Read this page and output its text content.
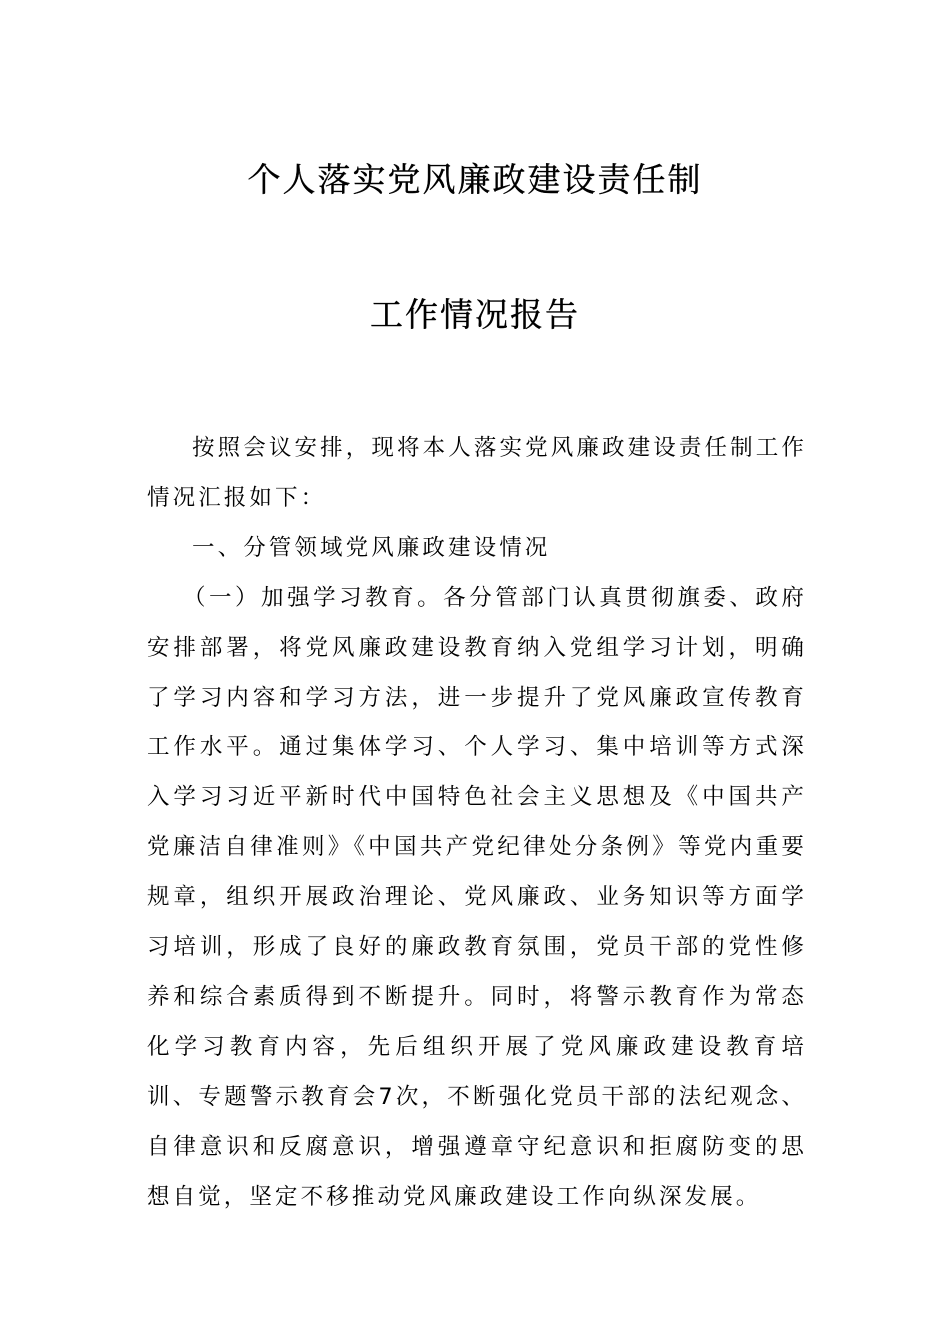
个人落实党风廉政建设责任制
工作情况报告

按照会议安排，现将本人落实党风廉政建设责任制工作情况汇报如下：

一、分管领域党风廉政建设情况

（一）加强学习教育。各分管部门认真贯彻旗委、政府安排部署，将党风廉政建设教育纳入党组学习计划，明确了学习内容和学习方法，进一步提升了党风廉政宣传教育工作水平。通过集体学习、个人学习、集中培训等方式深入学习习近平新时代中国特色社会主义思想及《中国共产党廉洁自律准则》《中国共产党纪律处分条例》等党内重要规章，组织开展政治理论、党风廉政、业务知识等方面学习培训，形成了良好的廉政教育氛围，党员干部的党性修养和综合素质得到不断提升。同时，将警示教育作为常态化学习教育内容，先后组织开展了党风廉政建设教育培训、专题警示教育会7次，不断强化党员干部的法纪观念、自律意识和反腐意识，增强遵章守纪意识和拒腐防变的思想自觉，坚定不移推动党风廉政建设工作向纵深发展。
